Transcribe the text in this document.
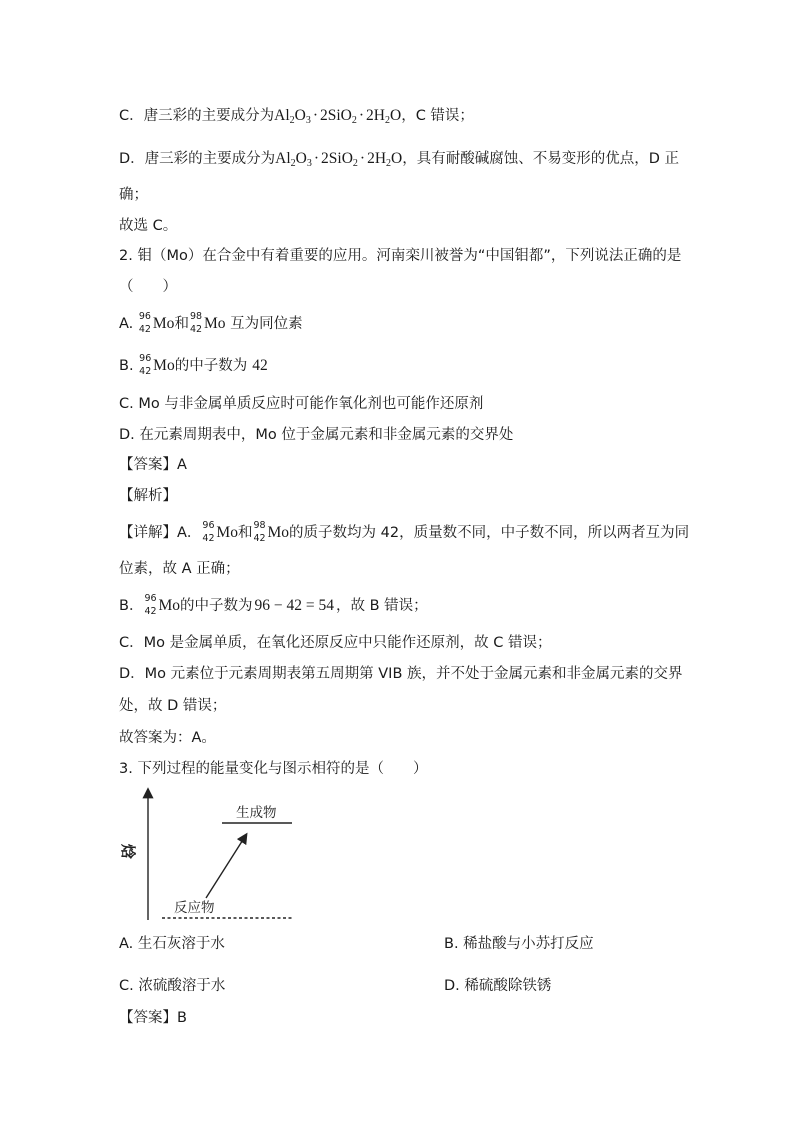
C．唐三彩的主要成分为$Al_2O_3 \cdot 2SiO_2 \cdot 2H_2O$，C 错误；
D．唐三彩的主要成分为$Al_2O_3 \cdot 2SiO_2 \cdot 2H_2O$，具有耐酸碱腐蚀、不易变形的优点，D 正
确；
故选 C。
2. 钼（Mo）在合金中有着重要的应用。河南栾川被誉为“中国钼都”，下列说法正确的是
（　　）
A. 96
42 Mo和 98
42 Mo 互为同位素
B. 96
42 Mo的中子数为 42
C. Mo 与非金属单质反应时可能作氧化剂也可能作还原剂
D. 在元素周期表中，Mo 位于金属元素和非金属元素的交界处
【答案】A
【解析】
【详解】A． 96
42 Mo和 98
42 Mo的质子数均为 42，质量数不同，中子数不同，所以两者互为同
位素，故 A 正确；
B． 96
42 Mo的中子数为 96 − 42 = 54 ，故 B 错误；
C．Mo 是金属单质，在氧化还原反应中只能作还原剂，故 C 错误；
D．Mo 元素位于元素周期表第五周期第 VIB 族，并不处于金属元素和非金属元素的交界
处，故 D 错误；
故答案为：A。
3. 下列过程的能量变化与图示相符的是（　　）
焓
生成物
反应物
A. 生石灰溶于水	B. 稀盐酸与小苏打反应
C. 浓硫酸溶于水	D. 稀硫酸除铁锈
【答案】B
